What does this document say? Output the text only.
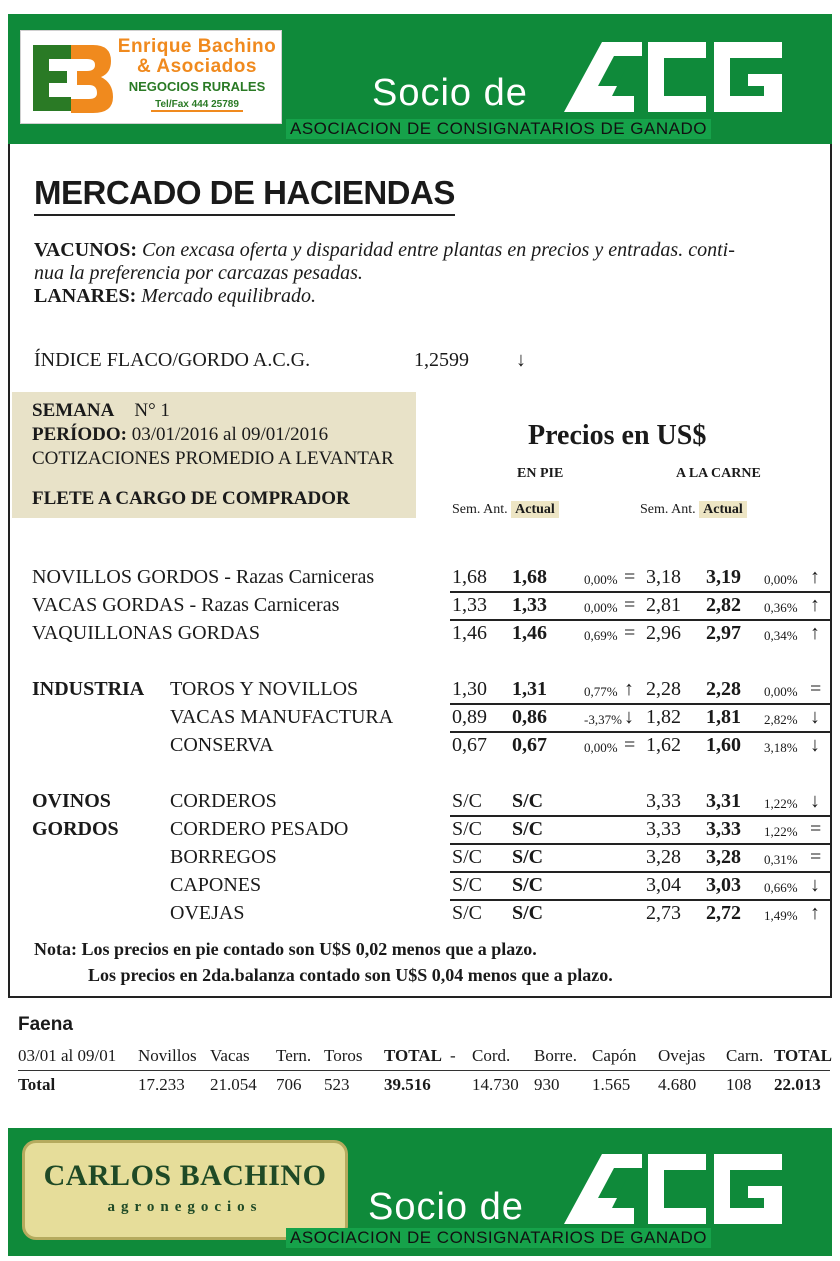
Enrique Bachino
& Asociados
NEGOCIOS RURALES
Tel/Fax 444 25789	Socio de
ACG
ASOCIACION DE CONSIGNATARIOS DE GANADO
MERCADO DE HACIENDAS
VACUNOS: Con excasa oferta y disparidad entre plantas en precios y entradas. conti-
nua la preferencia por carcazas pesadas.
LANARES: Mercado equilibrado.
ÍNDICE FLACO/GORDO A.C.G.	1,2599 ↓
SEMANA N° 1
PERÍODO: 03/01/2016 al 09/01/2016
COTIZACIONES PROMEDIO A LEVANTAR
FLETE A CARGO DE COMPRADOR
Precios en US$
EN PIE	A LA CARNE
Sem. Ant. Actual	Sem. Ant. Actual
NOVILLOS GORDOS - Razas Carniceras	1,68 1,68	0,00% = 3,18 3,19 0,00% ↑
VACAS GORDAS - Razas Carniceras	1,33 1,33	0,00% = 2,81 2,82 0,36% ↑
VAQUILLONAS GORDAS	1,46 1,46	0,69% = 2,96 2,97 0,34% ↑
INDUSTRIA TOROS Y NOVILLOS	1,30 1,31	0,77% ↑ 2,28 2,28 0,00% =
VACAS MANUFACTURA	0,89 0,86	-3,37% ↓ 1,82 1,81 2,82% ↓
CONSERVA	0,67 0,67	0,00% = 1,62 1,60 3,18% ↓
OVINOS	CORDEROS	S/C S/C	3,33 3,31 1,22% ↓
GORDOS	CORDERO PESADO	S/C S/C	3,33 3,33 1,22% =
BORREGOS	S/C S/C	3,28 3,28 0,31% =
CAPONES	S/C S/C	3,04 3,03 0,66% ↓
OVEJAS	S/C S/C	2,73 2,72 1,49% ↑
Nota: Los precios en pie contado son U$S 0,02 menos que a plazo.
Los precios en 2da.balanza contado son U$S 0,04 menos que a plazo.
Faena
03/01 al 09/01 Novillos Vacas Tern. Toros TOTAL - Cord. Borre. Capón Ovejas Carn. TOTAL
Total	17.233 21.054 706 523 39.516 14.730 930 1.565 4.680 108 22.013
CARLOS BACHINO
agronegocios	Socio de
ACG
ASOCIACION DE CONSIGNATARIOS DE GANADO
